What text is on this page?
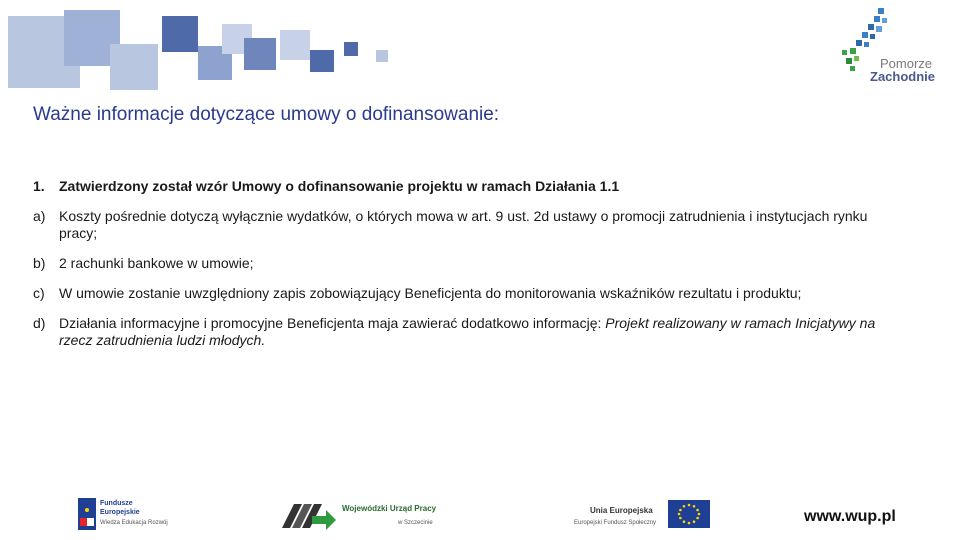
Pomorze
Zachodnie
Ważne informacje dotyczące umowy o dofinansowanie:
1.	Zatwierdzony został wzór Umowy o dofinansowanie projektu w ramach Działania 1.1
a) Koszty pośrednie dotyczą wyłącznie wydatków, o których mowa w art. 9 ust. 2d ustawy o promocji zatrudnienia i instytucjach rynku pracy;
b) 2 rachunki bankowe w umowie;
c)	W umowie zostanie uwzględniony zapis zobowiązujący Beneficjenta do monitorowania wskaźników rezultatu i produktu;
d) Działania informacyjne i promocyjne Beneficjenta maja zawierać dodatkowo informację: Projekt realizowany w ramach Inicjatywy na rzecz zatrudnienia ludzi młodych.
Fundusze
Europejskie
Wiedza Edukacja Rozwój
Wojewódzki Urząd Pracy
w Szczecinie
Unia Europejska
Europejski Fundusz Społeczny	www.wup.pl
